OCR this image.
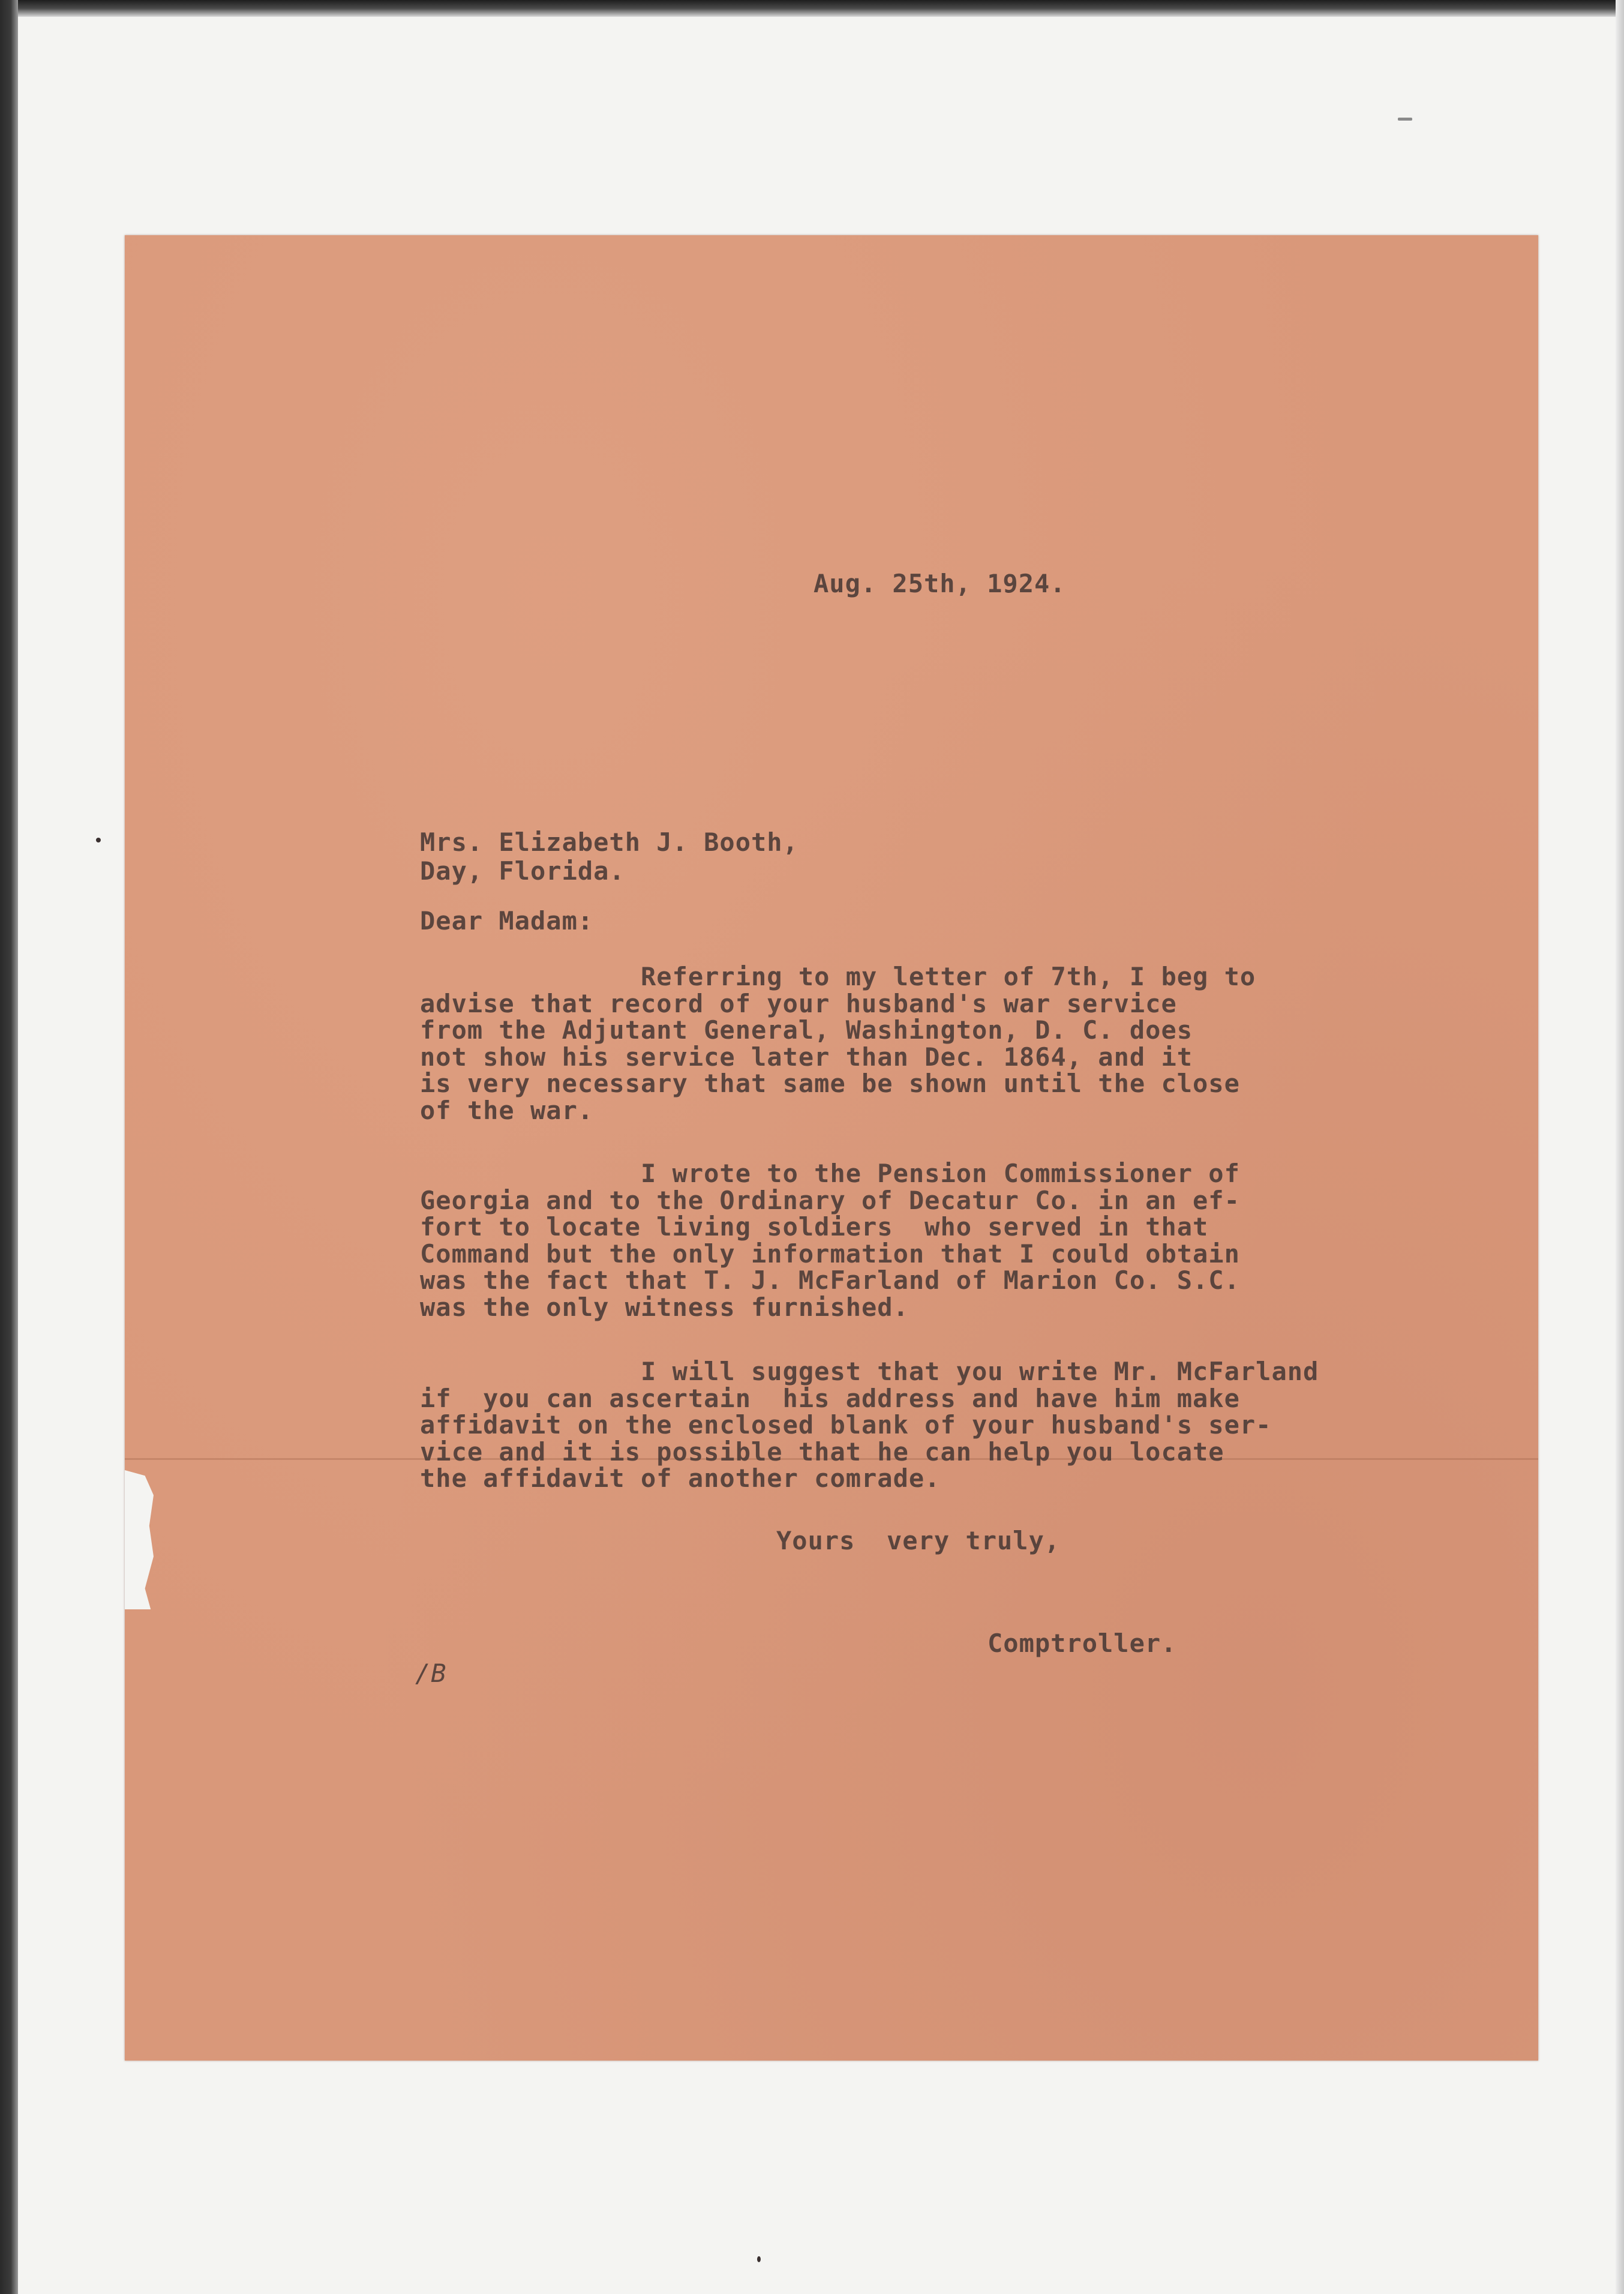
Aug. 25th, 1924.
Mrs. Elizabeth J. Booth,
Day, Florida.
Dear Madam:
Referring to my letter of 7th, I beg to
advise that record of your husband's war service
from the Adjutant General, Washington, D. C. does
not show his service later than Dec. 1864, and it
is very necessary that same be shown until the close
of the war.
I wrote to the Pension Commissioner of
Georgia and to the Ordinary of Decatur Co. in an ef-
fort to locate living soldiers  who served in that
Command but the only information that I could obtain
was the fact that T. J. McFarland of Marion Co. S.C.
was the only witness furnished.
I will suggest that you write Mr. McFarland
if  you can ascertain  his address and have him make
affidavit on the enclosed blank of your husband's ser-
vice and it is possible that he can help you locate
the affidavit of another comrade.
Yours  very truly,
Comptroller.
/B
